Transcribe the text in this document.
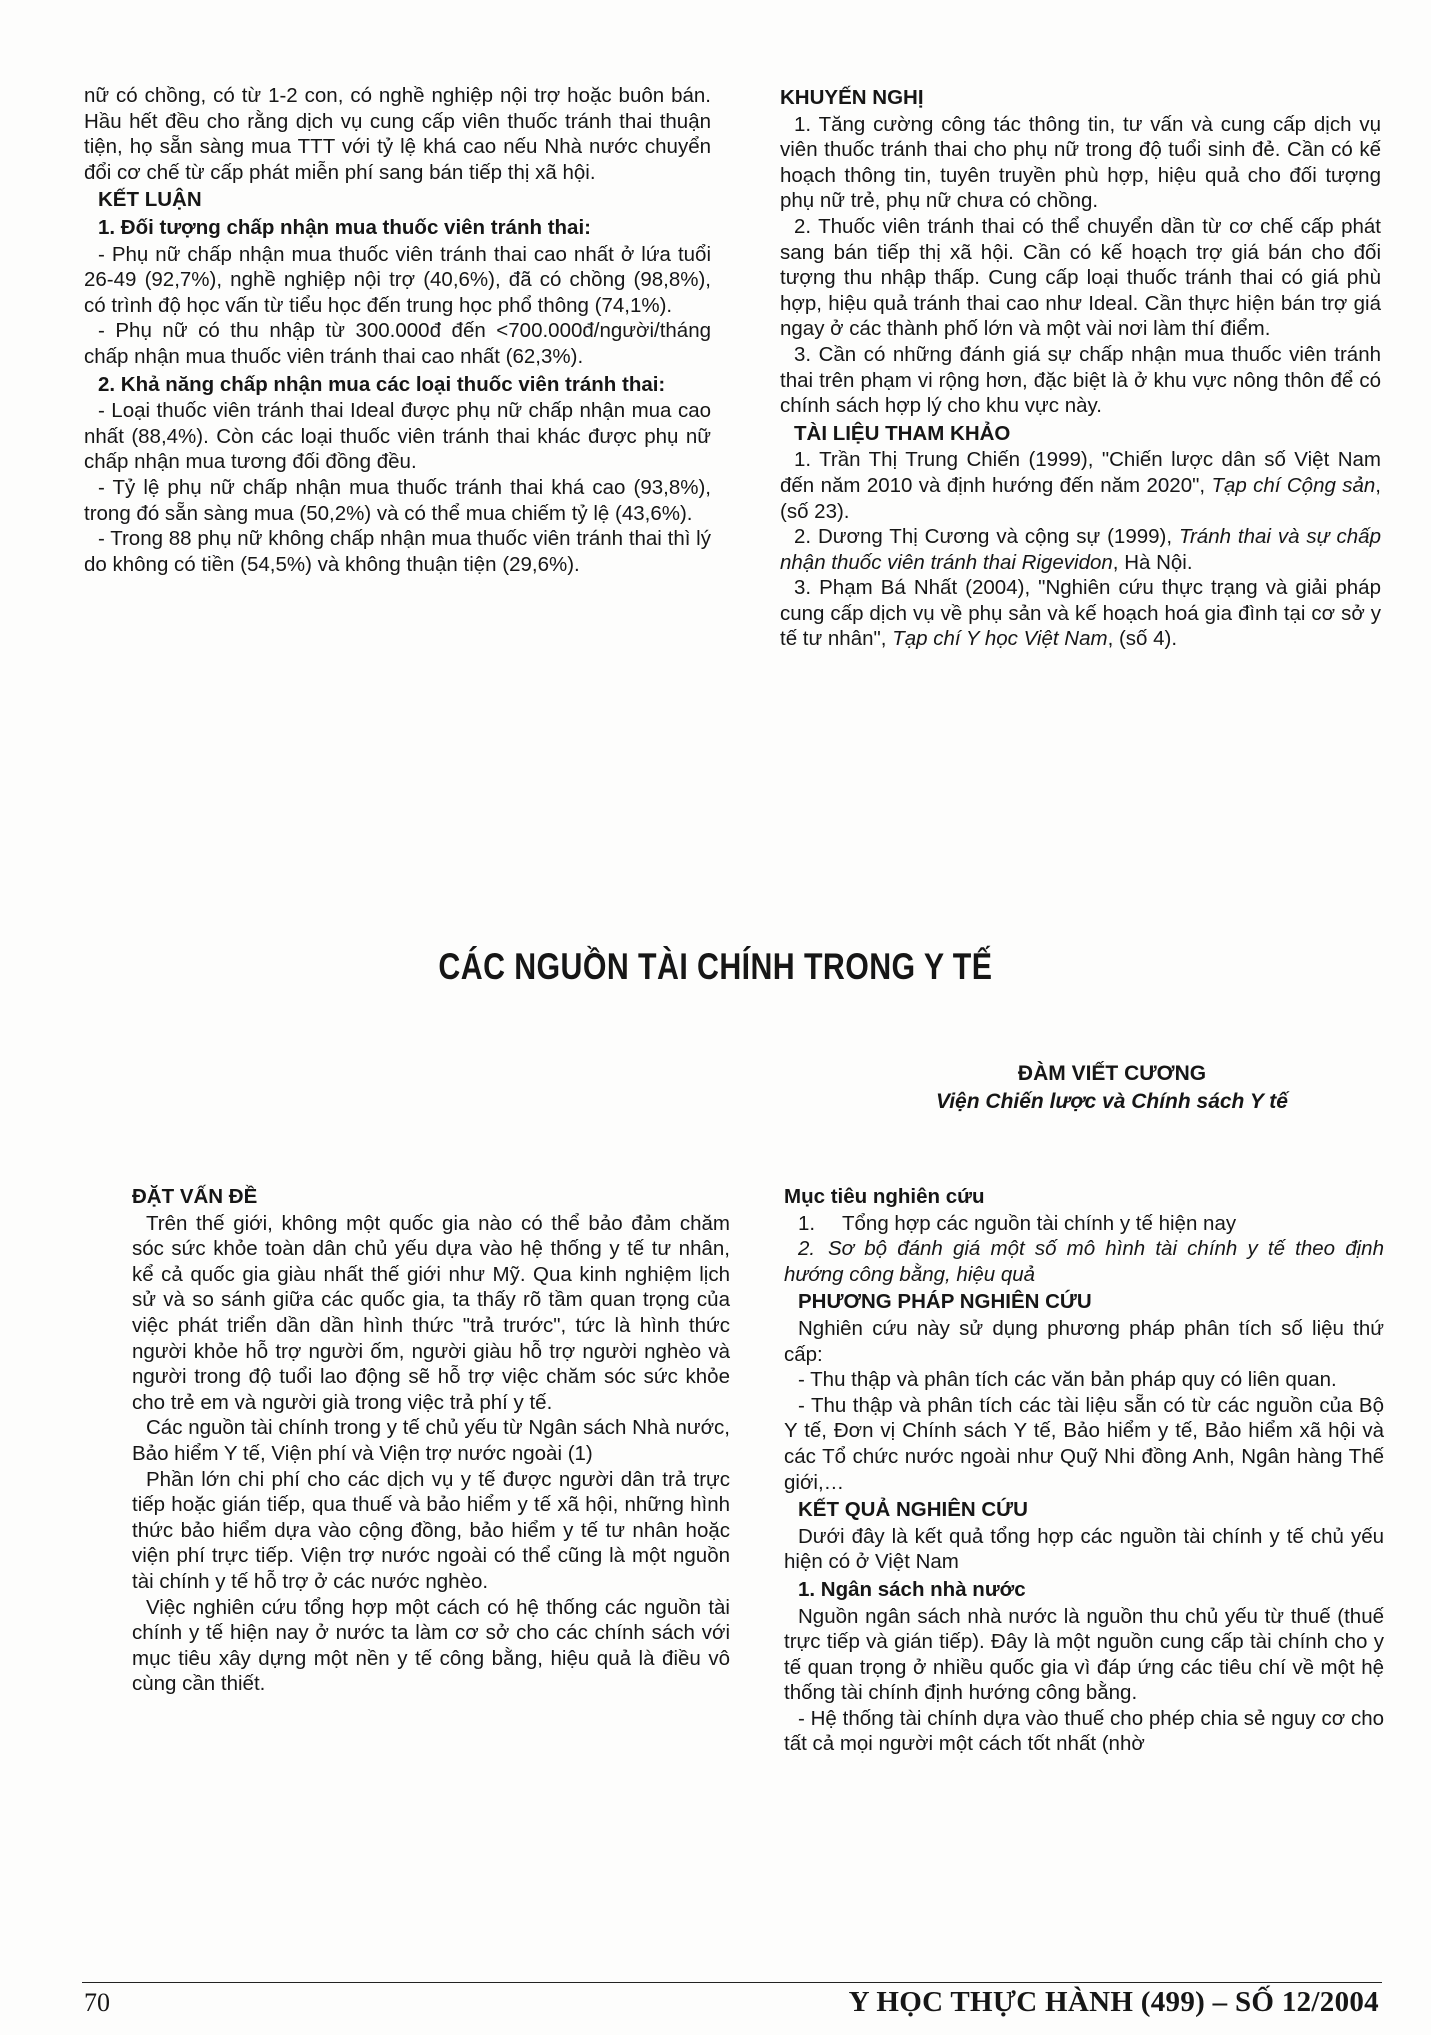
nữ có chồng, có từ 1-2 con, có nghề nghiệp nội trợ hoặc buôn bán. Hầu hết đều cho rằng dịch vụ cung cấp viên thuốc tránh thai thuận tiện, họ sẵn sàng mua TTT với tỷ lệ khá cao nếu Nhà nước chuyển đổi cơ chế từ cấp phát miễn phí sang bán tiếp thị xã hội.

KẾT LUẬN

1. Đối tượng chấp nhận mua thuốc viên tránh thai:

- Phụ nữ chấp nhận mua thuốc viên tránh thai cao nhất ở lứa tuổi 26-49 (92,7%), nghề nghiệp nội trợ (40,6%), đã có chồng (98,8%), có trình độ học vấn từ tiểu học đến trung học phổ thông (74,1%).

- Phụ nữ có thu nhập từ 300.000đ đến <700.000đ/người/tháng chấp nhận mua thuốc viên tránh thai cao nhất (62,3%).

2. Khả năng chấp nhận mua các loại thuốc viên tránh thai:

- Loại thuốc viên tránh thai Ideal được phụ nữ chấp nhận mua cao nhất (88,4%). Còn các loại thuốc viên tránh thai khác được phụ nữ chấp nhận mua tương đối đồng đều.

- Tỷ lệ phụ nữ chấp nhận mua thuốc tránh thai khá cao (93,8%), trong đó sẵn sàng mua (50,2%) và có thể mua chiếm tỷ lệ (43,6%).

- Trong 88 phụ nữ không chấp nhận mua thuốc viên tránh thai thì lý do không có tiền (54,5%) và không thuận tiện (29,6%).

KHUYẾN NGHỊ

1. Tăng cường công tác thông tin, tư vấn và cung cấp dịch vụ viên thuốc tránh thai cho phụ nữ trong độ tuổi sinh đẻ. Cần có kế hoạch thông tin, tuyên truyền phù hợp, hiệu quả cho đối tượng phụ nữ trẻ, phụ nữ chưa có chồng.

2. Thuốc viên tránh thai có thể chuyển dần từ cơ chế cấp phát sang bán tiếp thị xã hội. Cần có kế hoạch trợ giá bán cho đối tượng thu nhập thấp. Cung cấp loại thuốc tránh thai có giá phù hợp, hiệu quả tránh thai cao như Ideal. Cần thực hiện bán trợ giá ngay ở các thành phố lớn và một vài nơi làm thí điểm.

3. Cần có những đánh giá sự chấp nhận mua thuốc viên tránh thai trên phạm vi rộng hơn, đặc biệt là ở khu vực nông thôn để có chính sách hợp lý cho khu vực này.

TÀI LIỆU THAM KHẢO

1. Trần Thị Trung Chiến (1999), "Chiến lược dân số Việt Nam đến năm 2010 và định hướng đến năm 2020", Tạp chí Cộng sản, (số 23).

2. Dương Thị Cương và cộng sự (1999), Tránh thai và sự chấp nhận thuốc viên tránh thai Rigevidon, Hà Nội.

3. Phạm Bá Nhất (2004), "Nghiên cứu thực trạng và giải pháp cung cấp dịch vụ về phụ sản và kế hoạch hoá gia đình tại cơ sở y tế tư nhân", Tạp chí Y học Việt Nam, (số 4).

CÁC NGUỒN TÀI CHÍNH TRONG Y TẾ
ĐÀM VIẾT CƯƠNG
Viện Chiến lược và Chính sách Y tế
ĐẶT VẤN ĐỀ

Trên thế giới, không một quốc gia nào có thể bảo đảm chăm sóc sức khỏe toàn dân chủ yếu dựa vào hệ thống y tế tư nhân, kể cả quốc gia giàu nhất thế giới như Mỹ. Qua kinh nghiệm lịch sử và so sánh giữa các quốc gia, ta thấy rõ tầm quan trọng của việc phát triển dần dần hình thức "trả trước", tức là hình thức người khỏe hỗ trợ người ốm, người giàu hỗ trợ người nghèo và người trong độ tuổi lao động sẽ hỗ trợ việc chăm sóc sức khỏe cho trẻ em và người già trong việc trả phí y tế.

Các nguồn tài chính trong y tế chủ yếu từ Ngân sách Nhà nước, Bảo hiểm Y tế, Viện phí và Viện trợ nước ngoài (1)

Phần lớn chi phí cho các dịch vụ y tế được người dân trả trực tiếp hoặc gián tiếp, qua thuế và bảo hiểm y tế xã hội, những hình thức bảo hiểm dựa vào cộng đồng, bảo hiểm y tế tư nhân hoặc viện phí trực tiếp. Viện trợ nước ngoài có thể cũng là một nguồn tài chính y tế hỗ trợ ở các nước nghèo.

Việc nghiên cứu tổng hợp một cách có hệ thống các nguồn tài chính y tế hiện nay ở nước ta làm cơ sở cho các chính sách với mục tiêu xây dựng một nền y tế công bằng, hiệu quả là điều vô cùng cần thiết.

Mục tiêu nghiên cứu
1.	Tổng hợp các nguồn tài chính y tế hiện nay

2. Sơ bộ đánh giá một số mô hình tài chính y tế theo định hướng công bằng, hiệu quả

PHƯƠNG PHÁP NGHIÊN CỨU

Nghiên cứu này sử dụng phương pháp phân tích số liệu thứ cấp:

- Thu thập và phân tích các văn bản pháp quy có liên quan.

- Thu thập và phân tích các tài liệu sẵn có từ các nguồn của Bộ Y tế, Đơn vị Chính sách Y tế, Bảo hiểm y tế, Bảo hiểm xã hội và các Tổ chức nước ngoài như Quỹ Nhi đồng Anh, Ngân hàng Thế giới,…

KẾT QUẢ NGHIÊN CỨU

Dưới đây là kết quả tổng hợp các nguồn tài chính y tế chủ yếu hiện có ở Việt Nam

1. Ngân sách nhà nước

Nguồn ngân sách nhà nước là nguồn thu chủ yếu từ thuế (thuế trực tiếp và gián tiếp). Đây là một nguồn cung cấp tài chính cho y tế quan trọng ở nhiều quốc gia vì đáp ứng các tiêu chí về một hệ thống tài chính định hướng công bằng.

- Hệ thống tài chính dựa vào thuế cho phép chia sẻ nguy cơ cho tất cả mọi người một cách tốt nhất (nhờ

70	Y HỌC THỰC HÀNH (499) – SỐ 12/2004
